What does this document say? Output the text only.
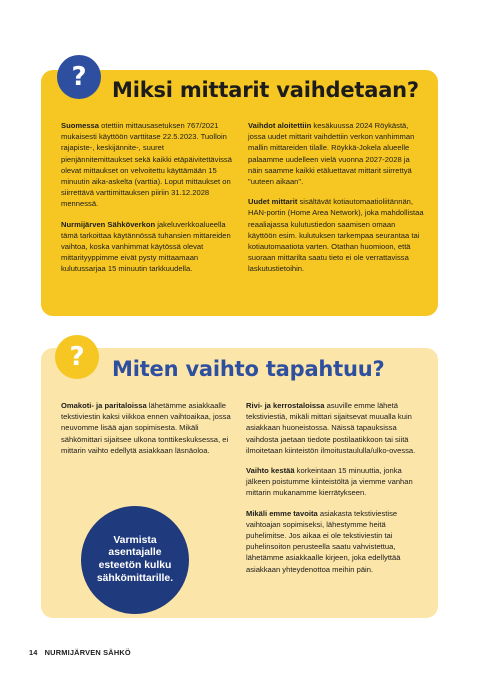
?	Miksi mittarit vaihdetaan?

Suomessa otettiin mittausasetuksen 767/2021 mukaisesti käyttöön varttitase 22.5.2023. Tuolloin rajapiste-, keskijännite-, suuret pienjännitemittaukset sekä kaikki etäpäivitettävissä olevat mittaukset on velvoitettu käyttämään 15 minuutin aika-askelta (varttia). Loput mittaukset on siirrettävä varttimittauksen piiriin 31.12.2028 mennessä.

Nurmijärven Sähköverkon jakeluverkkoalueella tämä tarkoittaa käytännössä tuhansien mittareiden vaihtoa, koska vanhimmat käytössä olevat mittarityyppimme eivät pysty mittaamaan kulutussarjaa 15 minuutin tarkkuudella.

Vaihdot aloitettiin kesäkuussa 2024 Röykästä, jossa uudet mittarit vaihdettiin verkon vanhimman mallin mittareiden tilalle. Röykkä-Jokela alueelle palaamme uudelleen vielä vuonna 2027-2028 ja näin saamme kaikki etäluettavat mittarit siirrettyä "uuteen aikaan".

Uudet mittarit sisältävät kotiautomaatioliitännän, HAN-portin (Home Area Network), joka mahdollistaa reaaliajassa kulutustiedon saamisen omaan käyttöön esim. kulutuksen tarkempaa seurantaa tai kotiautomaatiota varten. Otathan huomioon, että suoraan mittarilta saatu tieto ei ole verrattavissa laskutustietoihin.

?	Miten vaihto tapahtuu?

Omakoti- ja paritaloissa lähetämme asiakkaalle tekstiviestin kaksi viikkoa ennen vaihtoaikaa, jossa neuvomme lisää ajan sopimisesta. Mikäli sähkömittari sijaitsee ulkona tonttikeskuksessa, ei mittarin vaihto edellytä asiakkaan läsnäoloa.

Varmista asentajalle esteetön kulku sähkömittarille.

Rivi- ja kerrostaloissa asuville emme lähetä tekstiviestiä, mikäli mittari sijaitsevat muualla kuin asiakkaan huoneistossa. Näissä tapauksissa vaihdosta jaetaan tiedote postilaatikkoon tai siitä ilmoitetaan kiinteistön ilmoitustaululla/ulko-ovessa.

Vaihto kestää korkeintaan 15 minuuttia, jonka jälkeen poistumme kiinteistöltä ja viemme vanhan mittarin mukanamme kierrätykseen.

Mikäli emme tavoita asiakasta tekstiviestise vaihtoajan sopimiseksi, lähestymme heitä puhelimitse. Jos aikaa ei ole tekstiviestin tai puhelinsoiton perusteella saatu vahvistettua, lähetämme asiakkaalle kirjeen, joka edellyttää asiakkaan yhteydenottoa meihin päin.

14 NURMIJÄRVEN SÄHKÖ
